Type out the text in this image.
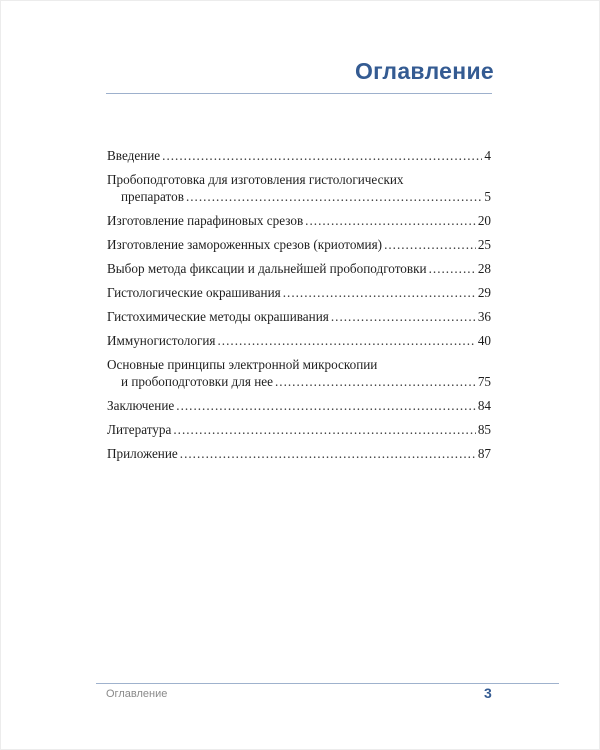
Оглавление
Введение .....	4
Пробоподготовка для изготовления гистологических
препаратов .....	5
Изготовление парафиновых срезов .....	20
Изготовление замороженных срезов (криотомия) .....	25
Выбор метода фиксации и дальнейшей пробоподготовки .....	28
Гистологические окрашивания .....	29
Гистохимические методы окрашивания .....	36
Иммуногистология .....	40
Основные принципы электронной микроскопии
и пробоподготовки для нее .....	75
Заключение .....	84
Литература .....	85
Приложение .....	87
Оглавление	3
